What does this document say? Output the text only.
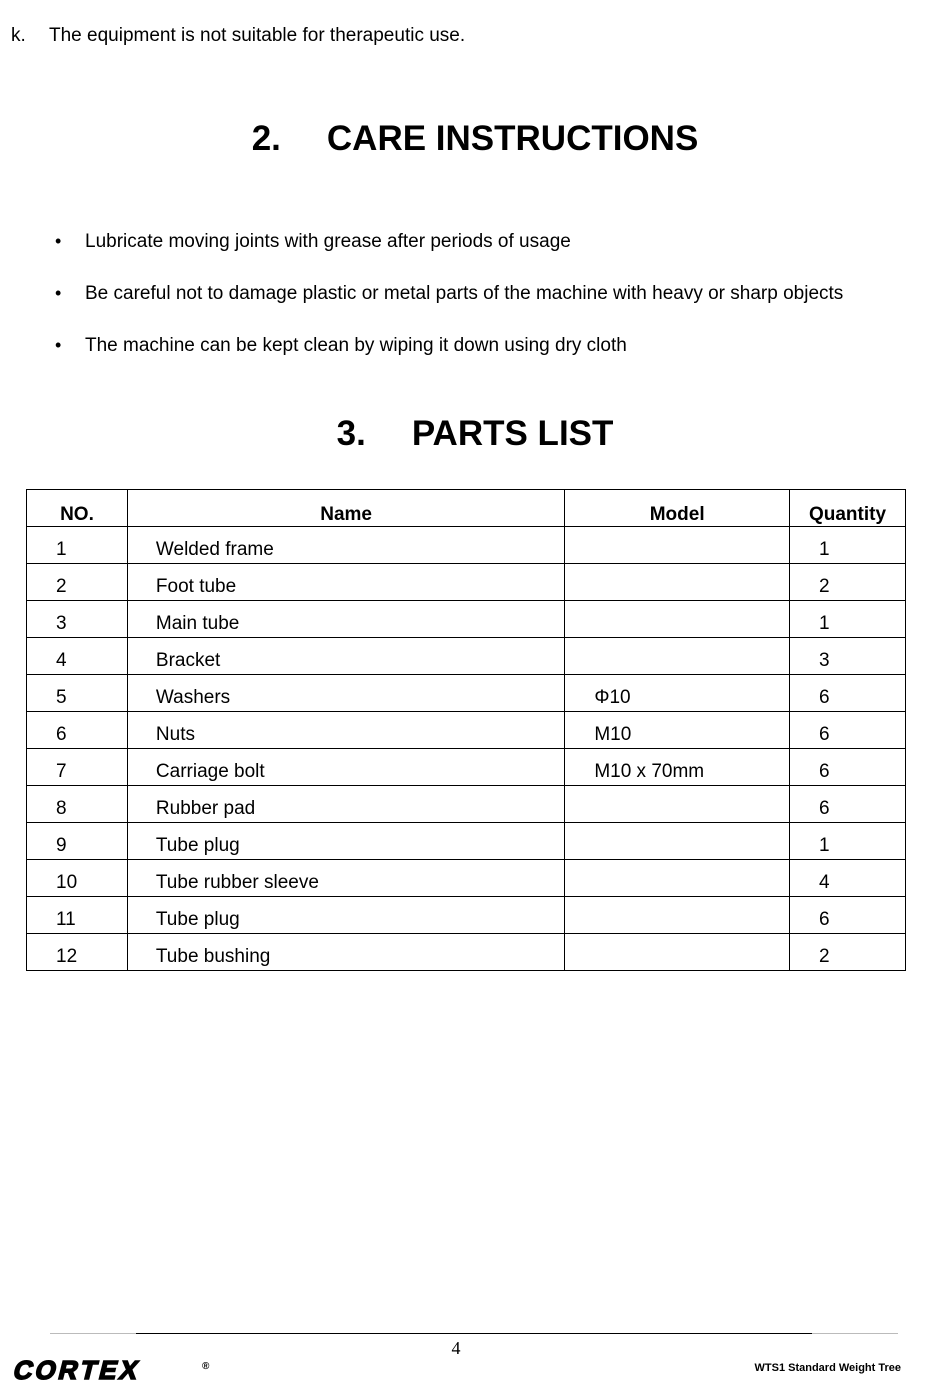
k.	The equipment is not suitable for therapeutic use.
2. CARE INSTRUCTIONS
• Lubricate moving joints with grease after periods of usage
• Be careful not to damage plastic or metal parts of the machine with heavy or sharp objects
• The machine can be kept clean by wiping it down using dry cloth
3. PARTS LIST
NO.	Name	Model	Quantity
1	Welded frame		1
2	Foot tube		2
3	Main tube		1
4	Bracket		3
5	Washers	Φ10	6
6	Nuts	M10	6
7	Carriage bolt	M10 x 70mm	6
8	Rubber pad		6
9	Tube plug		1
10	Tube rubber sleeve		4
11	Tube plug		6
12	Tube bushing		2
4
CORTEX	®	WTS1 Standard Weight Tree
